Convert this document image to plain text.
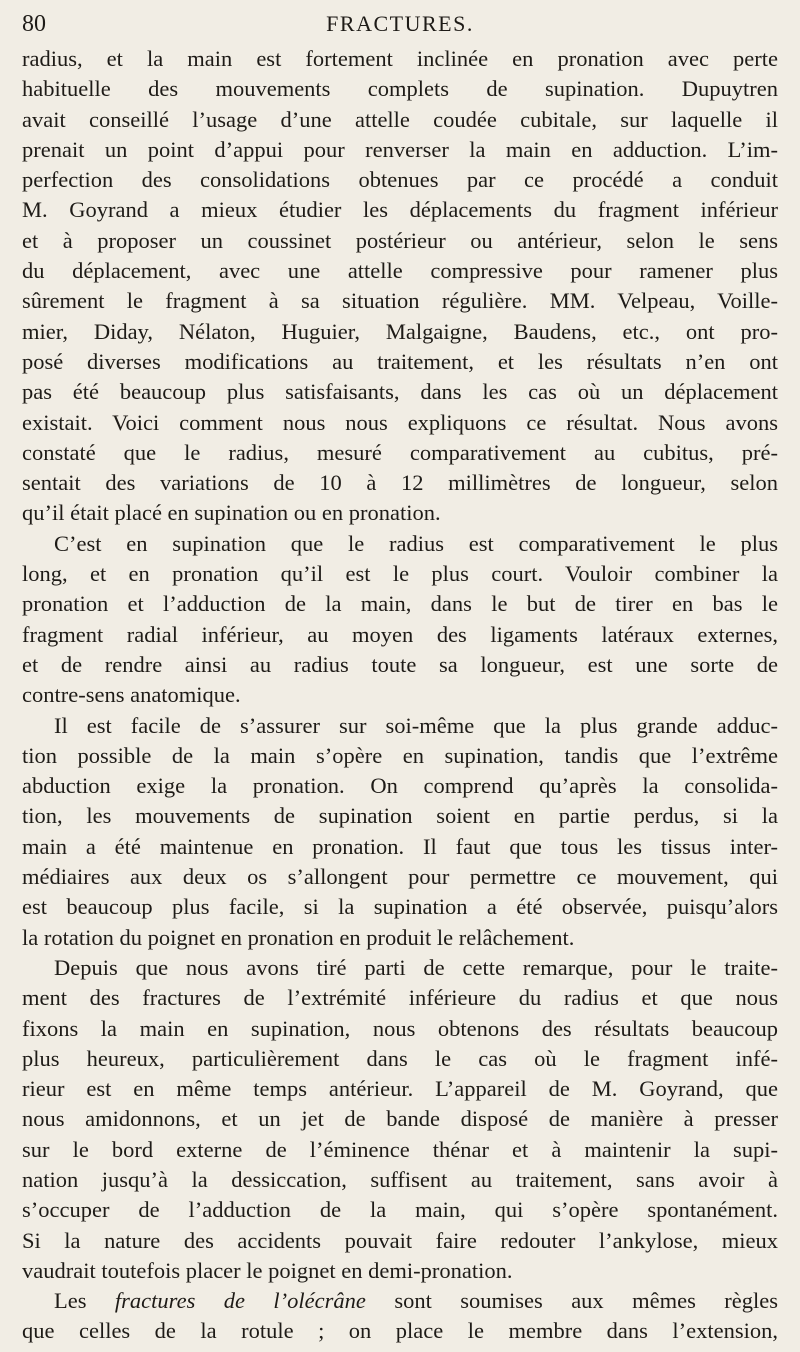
80	FRACTURES.

radius, et la main est fortement inclinée en pronation avec perte

habituelle des mouvements complets de supination. Dupuytren

avait conseillé l’usage d’une attelle coudée cubitale, sur laquelle il

prenait un point d’appui pour renverser la main en adduction. L’im-

perfection des consolidations obtenues par ce procédé a conduit

M. Goyrand a mieux étudier les déplacements du fragment inférieur

et à proposer un coussinet postérieur ou antérieur, selon le sens

du déplacement, avec une attelle compressive pour ramener plus

sûrement le fragment à sa situation régulière. MM. Velpeau, Voille-

mier, Diday, Nélaton, Huguier, Malgaigne, Baudens, etc., ont pro-

posé diverses modifications au traitement, et les résultats n’en ont

pas été beaucoup plus satisfaisants, dans les cas où un déplacement

existait. Voici comment nous nous expliquons ce résultat. Nous avons

constaté que le radius, mesuré comparativement au cubitus, pré-

sentait des variations de 10 à 12 millimètres de longueur, selon

qu’il était placé en supination ou en pronation.

C’est en supination que le radius est comparativement le plus

long, et en pronation qu’il est le plus court. Vouloir combiner la

pronation et l’adduction de la main, dans le but de tirer en bas le

fragment radial inférieur, au moyen des ligaments latéraux externes,

et de rendre ainsi au radius toute sa longueur, est une sorte de

contre-sens anatomique.

Il est facile de s’assurer sur soi-même que la plus grande adduc-

tion possible de la main s’opère en supination, tandis que l’extrême

abduction exige la pronation. On comprend qu’après la consolida-

tion, les mouvements de supination soient en partie perdus, si la

main a été maintenue en pronation. Il faut que tous les tissus inter-

médiaires aux deux os s’allongent pour permettre ce mouvement, qui

est beaucoup plus facile, si la supination a été observée, puisqu’alors

la rotation du poignet en pronation en produit le relâchement.

Depuis que nous avons tiré parti de cette remarque, pour le traite-

ment des fractures de l’extrémité inférieure du radius et que nous

fixons la main en supination, nous obtenons des résultats beaucoup

plus heureux, particulièrement dans le cas où le fragment infé-

rieur est en même temps antérieur. L’appareil de M. Goyrand, que

nous amidonnons, et un jet de bande disposé de manière à presser

sur le bord externe de l’éminence thénar et à maintenir la supi-

nation jusqu’à la dessiccation, suffisent au traitement, sans avoir à

s’occuper de l’adduction de la main, qui s’opère spontanément.

Si la nature des accidents pouvait faire redouter l’ankylose, mieux

vaudrait toutefois placer le poignet en demi-pronation.

Les fractures de l’olécrâne sont soumises aux mêmes règles

que celles de la rotule ; on place le membre dans l’extension,
